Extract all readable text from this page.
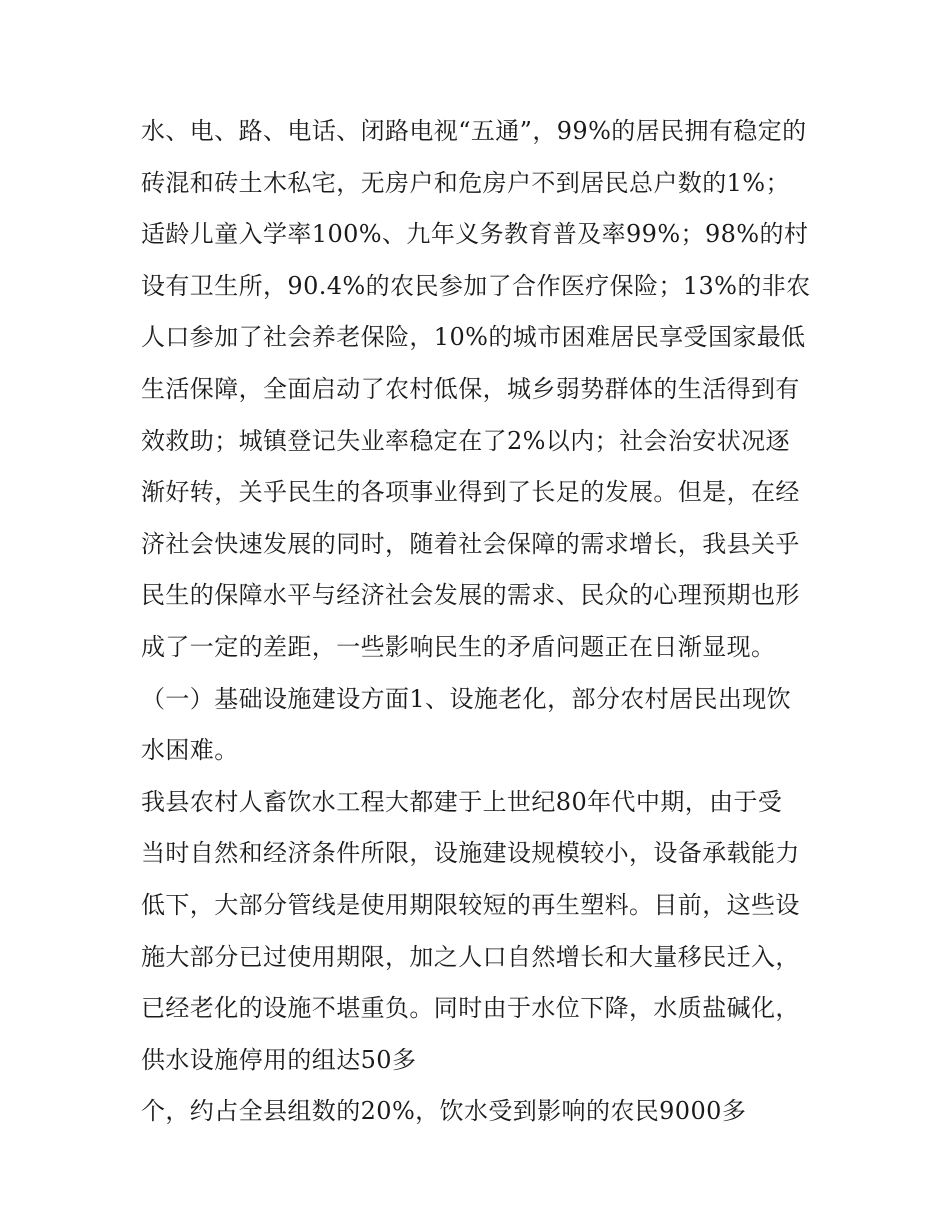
水、电、路、电话、闭路电视“五通”，99%的居民拥有稳定的
砖混和砖土木私宅，无房户和危房户不到居民总户数的1%；
适龄儿童入学率100%、九年义务教育普及率99%；98%的村
设有卫生所，90.4%的农民参加了合作医疗保险；13%的非农
人口参加了社会养老保险，10%的城市困难居民享受国家最低
生活保障，全面启动了农村低保，城乡弱势群体的生活得到有
效救助；城镇登记失业率稳定在了2%以内；社会治安状况逐
渐好转，关乎民生的各项事业得到了长足的发展。但是，在经
济社会快速发展的同时，随着社会保障的需求增长，我县关乎
民生的保障水平与经济社会发展的需求、民众的心理预期也形
成了一定的差距，一些影响民生的矛盾问题正在日渐显现。
（一）基础设施建设方面1、设施老化，部分农村居民出现饮
水困难。
我县农村人畜饮水工程大都建于上世纪80年代中期，由于受
当时自然和经济条件所限，设施建设规模较小，设备承载能力
低下，大部分管线是使用期限较短的再生塑料。目前，这些设
施大部分已过使用期限，加之人口自然增长和大量移民迁入，
已经老化的设施不堪重负。同时由于水位下降，水质盐碱化，
供水设施停用的组达50多
个，约占全县组数的20%，饮水受到影响的农民9000多
